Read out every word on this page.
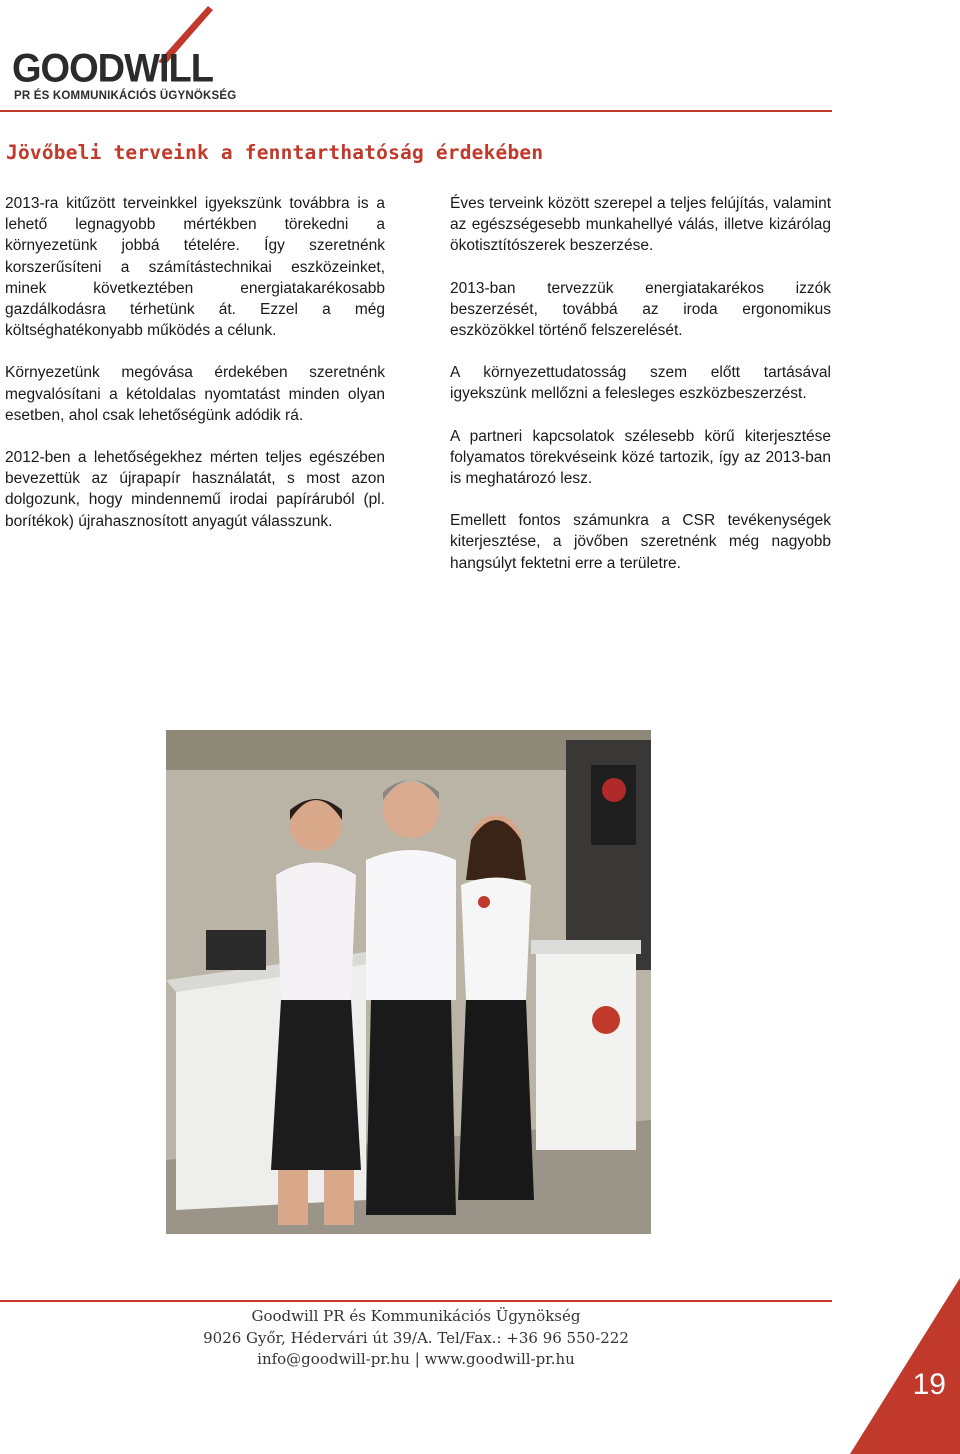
GOODWILL
PR ÉS KOMMUNIKÁCIÓS ÜGYNÖKSÉG
Jövőbeli terveink a fenntarthatóság érdekében

2013-ra kitűzött terveinkkel igyekszünk továbbra is a lehető legnagyobb mértékben törekedni a környezetünk jobbá tételére. Így szeretnénk korszerűsíteni a számítástechnikai eszközeinket, minek következtében energiatakarékosabb gazdálkodásra térhetünk át. Ezzel a még költséghatékonyabb működés a célunk.

Környezetünk megóvása érdekében szeretnénk megvalósítani a kétoldalas nyomtatást minden olyan esetben, ahol csak lehetőségünk adódik rá.

2012-ben a lehetőségekhez mérten teljes egészében bevezettük az újrapapír használatát, s most azon dolgozunk, hogy mindennemű irodai papíráruból (pl. borítékok) újrahasznosított anyagút válasszunk.

Éves terveink között szerepel a teljes felújítás, valamint az egészségesebb munkahellyé válás, illetve kizárólag ökotisztítószerek beszerzése.

2013-ban tervezzük energiatakarékos izzók beszerzését, továbbá az iroda ergonomikus eszközökkel történő felszerelését.

A környezettudatosság szem előtt tartásával igyekszünk mellőzni a felesleges eszközbeszerzést.

A partneri kapcsolatok szélesebb körű kiterjesztése folyamatos törekvéseink közé tartozik, így az 2013-ban is meghatározó lesz.

Emellett fontos számunkra a CSR tevékenységek kiterjesztése, a jövőben szeretnénk még nagyobb hangsúlyt fektetni erre a területre.

Goodwill PR és Kommunikációs Ügynökség
9026 Győr, Hédervári út 39/A. Tel/Fax.: +36 96 550-222
info@goodwill-pr.hu | www.goodwill-pr.hu
19
